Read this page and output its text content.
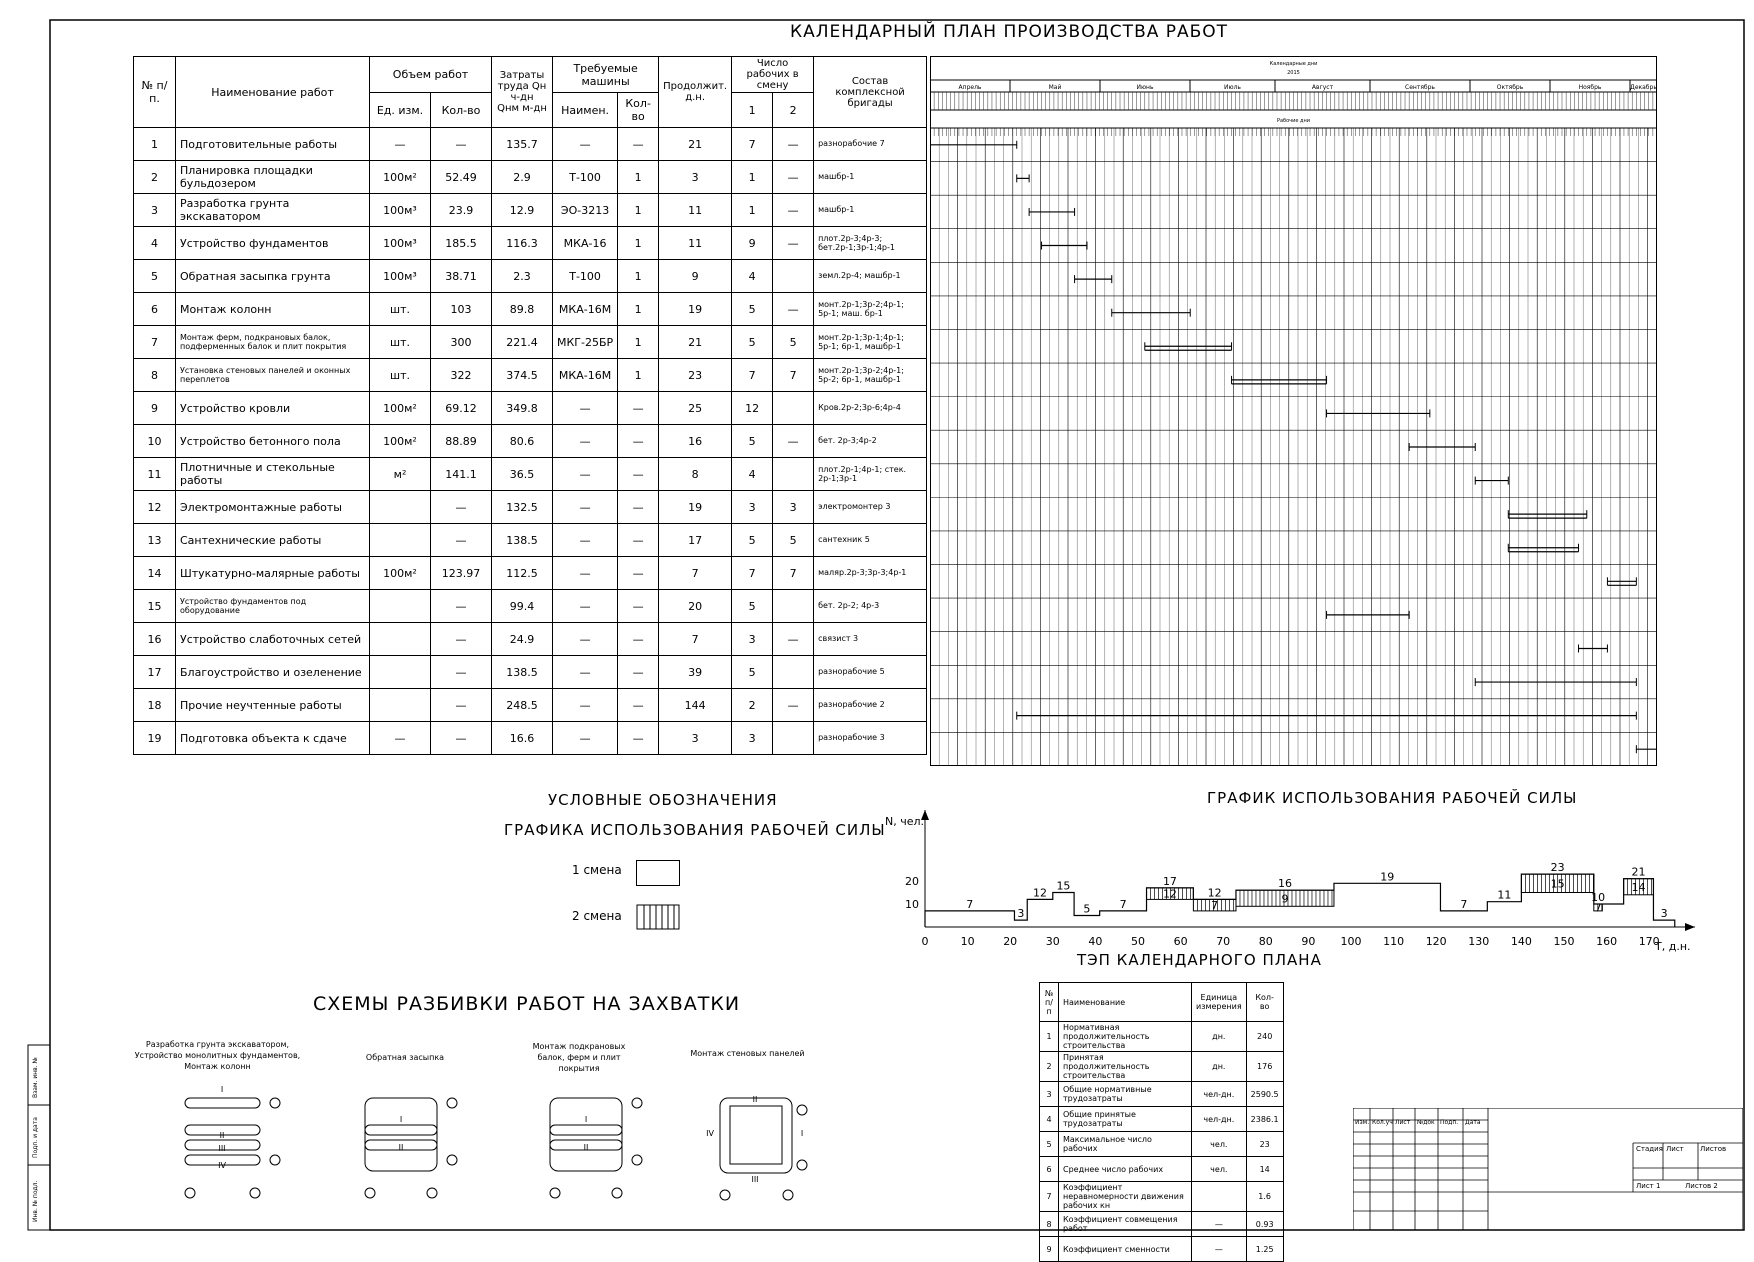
КАЛЕНДАРНЫЙ ПЛАН ПРОИЗВОДСТВА РАБОТ
№ п/п.	Наименование работ	Объем работ		Затраты труда Qн ч-дн
Qнм м-дн	Требуемые машины		Продолжит.
д.н.	Число рабочих в смену		Состав комплексной бригады
		Ед. изм.	Кол-во		Наимен.	Кол-во		1	2	
1	Подготовительные работы	—	—	135.7	—	—	21	7	—	разнорабочие 7
2	Планировка площадки бульдозером	100м²	52.49	2.9	Т-100	1	3	1	—	машбр-1
3	Разработка грунта экскаватором	100м³	23.9	12.9	ЭО-3213	1	11	1	—	машбр-1
4	Устройство фундаментов	100м³	185.5	116.3	МКА-16	1	11	9	—	плот.2р-3;4р-3; бет.2р-1;3р-1;4р-1
5	Обратная засыпка грунта	100м³	38.71	2.3	Т-100	1	9	4		земл.2р-4; машбр-1
6	Монтаж колонн	шт.	103	89.8	МКА-16М	1	19	5	—	монт.2р-1;3р-2;4р-1; 5р-1; маш. бр-1
7	Монтаж ферм, подкрановых балок, подферменных балок и плит покрытия	шт.	300	221.4	МКГ-25БР	1	21	5	5	монт.2р-1;3р-1;4р-1; 5р-1; 6р-1, машбр-1
8	Установка стеновых панелей и оконных переплетов	шт.	322	374.5	МКА-16М	1	23	7	7	монт.2р-1;3р-2;4р-1; 5р-2; 6р-1, машбр-1
9	Устройство кровли	100м²	69.12	349.8	—	—	25	12		Кров.2р-2;3р-6;4р-4
10	Устройство бетонного пола	100м²	88.89	80.6	—	—	16	5	—	бет. 2р-3;4р-2
11	Плотничные и стекольные работы	м²	141.1	36.5	—	—	8	4		плот.2р-1;4р-1; стек. 2р-1;3р-1
12	Электромонтажные работы		—	132.5	—	—	19	3	3	электромонтер 3
13	Сантехнические работы		—	138.5	—	—	17	5	5	сантехник 5
14	Штукатурно-малярные работы	100м²	123.97	112.5	—	—	7	7	7	маляр.2р-3;3р-3;4р-1
15	Устройство фундаментов под оборудование		—	99.4	—	—	20	5		бет. 2р-2; 4р-3
16	Устройство слаботочных сетей		—	24.9	—	—	7	3	—	связист 3
17	Благоустройство и озеленение		—	138.5	—	—	39	5		разнорабочие 5
18	Прочие неучтенные работы		—	248.5	—	—	144	2	—	разнорабочие 2
19	Подготовка объекта к сдаче	—	—	16.6	—	—	3	3		разнорабочие 3
Календарные дни
2015
Рабочие дни
Апрель	Май	Июнь	Июль	Август	Сентябрь	Октябрь	Ноябрь	Декабрь
УСЛОВНЫЕ ОБОЗНАЧЕНИЯ
ГРАФИКА ИСПОЛЬЗОВАНИЯ РАБОЧЕЙ СИЛЫ
1 смена
2 смена
ГРАФИК ИСПОЛЬЗОВАНИЯ РАБОЧЕЙ СИЛЫ
N, чел.
T, д.н.
0	10	20	30	40	50	60	70	80	90 100 110 120 130 140 150 160 170
10
20
7
3
12
15
5	7
12
17
7
12	9
16
19
7
11
15
23
7
10
14
21
3
ТЭП КАЛЕНДАРНОГО ПЛАНА
№ п/п	Наименование	Единица измерения	Кол-во
1	Нормативная продолжительность строительства	дн.	240
2	Принятая продолжительность строительства	дн.	176
3	Общие нормативные трудозатраты	чел-дн.	2590.5
4	Общие принятые трудозатраты	чел-дн.	2386.1
5	Максимальное число рабочих	чел.	23
6	Среднее число рабочих	чел.	14
7	Коэффициент неравномерности движения рабочих кн		1.6
8	Коэффициент совмещения работ	—	0.93
9	Коэффициент сменности	—	1.25
СХЕМЫ РАЗБИВКИ РАБОТ НА ЗАХВАТКИ
Разработка грунта экскаватором, Устройство монолитных фундаментов, Монтаж колонн
Обратная засыпка
Монтаж подкрановых балок, ферм и плит покрытия
Монтаж стеновых панелей
I
II
III
IV
I
II
I
II
II
I
IV
III
Изм. Кол.уч Лист №док Подп. Дата
Стадия Лист Листов
Лист 1	Листов 2
Взам. инв. №
Подп. и дата
Инв. № подл.
